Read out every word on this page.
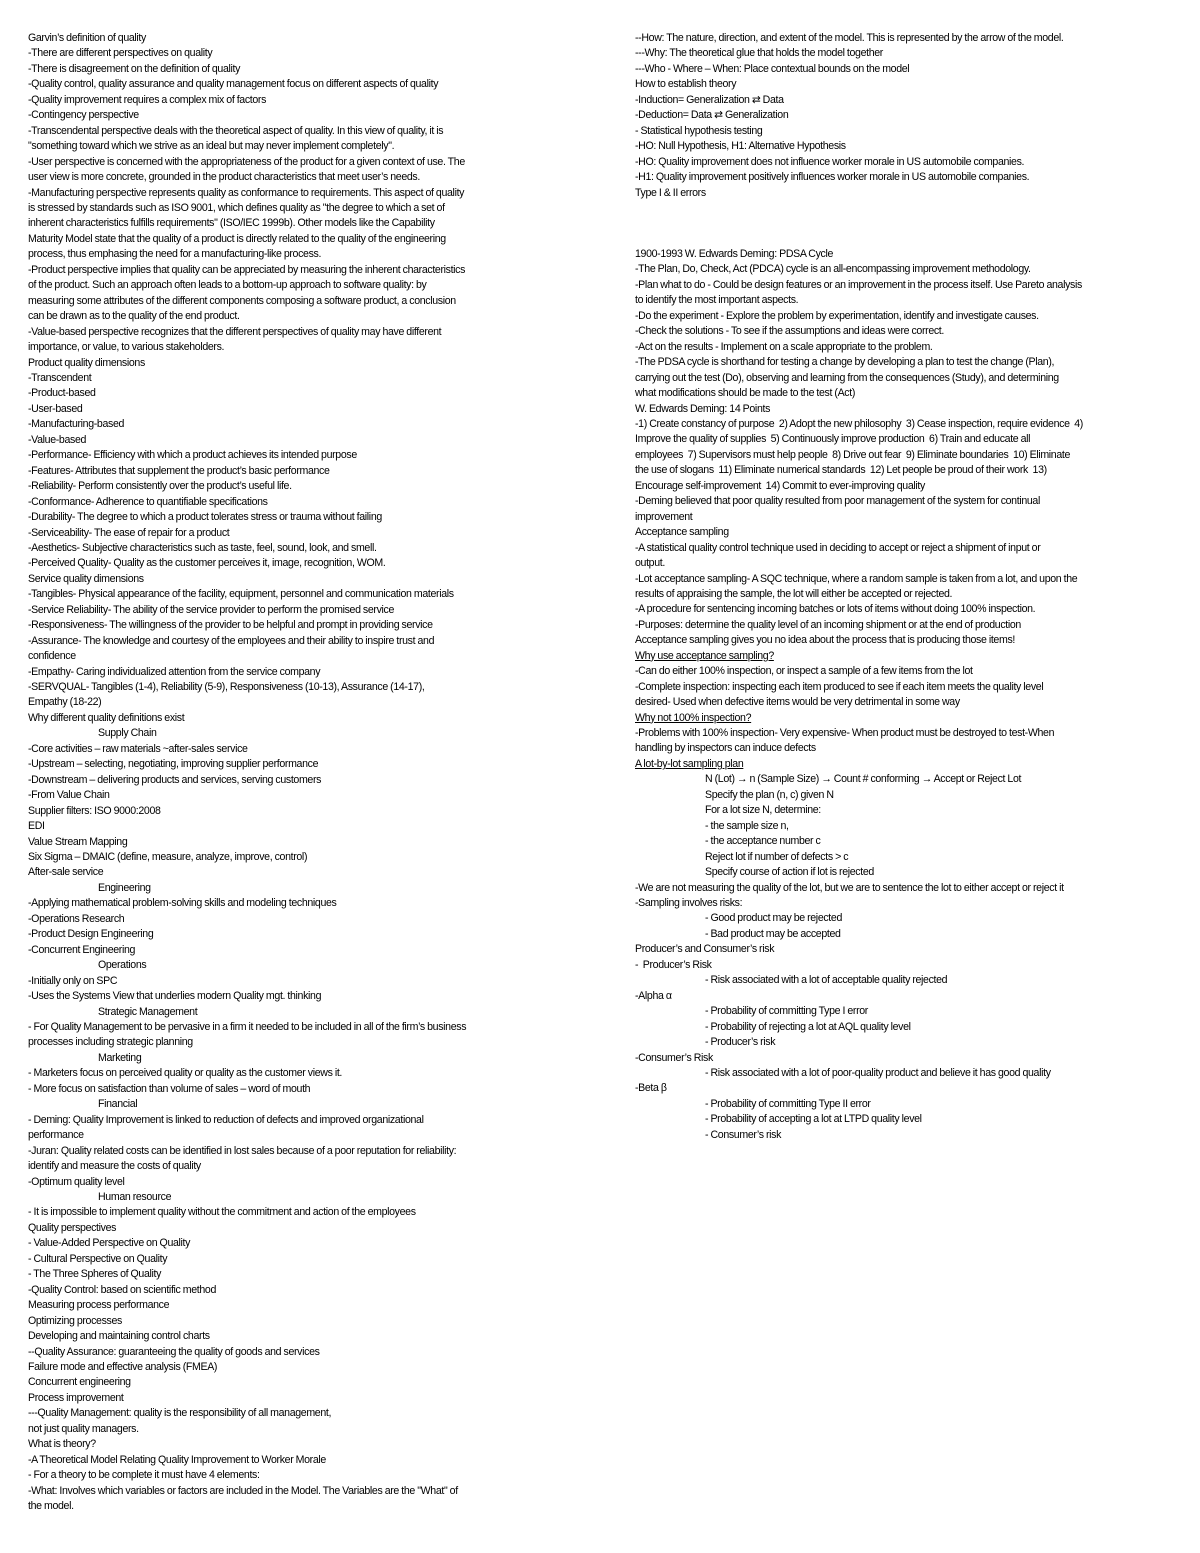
Garvin’s definition of quality
-There are different perspectives on quality
-There is disagreement on the definition of quality
-Quality control, quality assurance and quality management focus on different aspects of quality
-Quality improvement requires a complex mix of factors
-Contingency perspective
-Transcendental perspective deals with the theoretical aspect of quality. In this view of quality, it is
"something toward which we strive as an ideal but may never implement completely".
-User perspective is concerned with the appropriateness of the product for a given context of use. The
user view is more concrete, grounded in the product characteristics that meet user’s needs.
-Manufacturing perspective represents quality as conformance to requirements. This aspect of quality
is stressed by standards such as ISO 9001, which defines quality as "the degree to which a set of
inherent characteristics fulfills requirements" (ISO/IEC 1999b). Other models like the Capability
Maturity Model state that the quality of a product is directly related to the quality of the engineering
process, thus emphasing the need for a manufacturing-like process.
-Product perspective implies that quality can be appreciated by measuring the inherent characteristics
of the product. Such an approach often leads to a bottom-up approach to software quality: by
measuring some attributes of the different components composing a software product, a conclusion
can be drawn as to the quality of the end product.
-Value-based perspective recognizes that the different perspectives of quality may have different
importance, or value, to various stakeholders.
Product quality dimensions
-Transcendent
-Product-based
-User-based
-Manufacturing-based
-Value-based
-Performance- Efficiency with which a product achieves its intended purpose
-Features- Attributes that supplement the product’s basic performance
-Reliability- Perform consistently over the product’s useful life.
-Conformance- Adherence to quantifiable specifications
-Durability- The degree to which a product tolerates stress or trauma without failing
-Serviceability- The ease of repair for a product
-Aesthetics- Subjective characteristics such as taste, feel, sound, look, and smell.
-Perceived Quality- Quality as the customer perceives it, image, recognition, WOM.
Service quality dimensions
-Tangibles- Physical appearance of the facility, equipment, personnel and communication materials
-Service Reliability- The ability of the service provider to perform the promised service
-Responsiveness- The willingness of the provider to be helpful and prompt in providing service
-Assurance- The knowledge and courtesy of the employees and their ability to inspire trust and
confidence
-Empathy- Caring individualized attention from the service company
-SERVQUAL- Tangibles (1-4), Reliability (5-9), Responsiveness (10-13), Assurance (14-17),
Empathy (18-22)
Why different quality definitions exist
Supply Chain
-Core activities – raw materials ~after-sales service
-Upstream – selecting, negotiating, improving supplier performance
-Downstream – delivering products and services, serving customers
-From Value Chain
Supplier filters: ISO 9000:2008
EDI
Value Stream Mapping
Six Sigma – DMAIC (define, measure, analyze, improve, control)
After-sale service
Engineering
-Applying mathematical problem-solving skills and modeling techniques
-Operations Research
-Product Design Engineering
-Concurrent Engineering
Operations
-Initially only on SPC
-Uses the Systems View that underlies modern Quality mgt. thinking
Strategic Management
- For Quality Management to be pervasive in a firm it needed to be included in all of the firm’s business
processes including strategic planning
Marketing
- Marketers focus on perceived quality or quality as the customer views it.
- More focus on satisfaction than volume of sales – word of mouth
Financial
- Deming: Quality Improvement is linked to reduction of defects and improved organizational
performance
-Juran: Quality related costs can be identified in lost sales because of a poor reputation for reliability:
identify and measure the costs of quality
-Optimum quality level
Human resource
- It is impossible to implement quality without the commitment and action of the employees
Quality perspectives
- Value-Added Perspective on Quality
- Cultural Perspective on Quality
- The Three Spheres of Quality
-Quality Control: based on scientific method
Measuring process performance
Optimizing processes
Developing and maintaining control charts
--Quality Assurance: guaranteeing the quality of goods and services
Failure mode and effective analysis (FMEA)
Concurrent engineering
Process improvement
---Quality Management: quality is the responsibility of all management,
not just quality managers.
What is theory?
-A Theoretical Model Relating Quality Improvement to Worker Morale
- For a theory to be complete it must have 4 elements:
-What: Involves which variables or factors are included in the Model. The Variables are the "What" of
the model.
--How: The nature, direction, and extent of the model. This is represented by the arrow of the model.
---Why: The theoretical glue that holds the model together
---Who - Where – When: Place contextual bounds on the model
How to establish theory
-Induction= Generalization ⇄ Data
-Deduction= Data ⇄ Generalization
- Statistical hypothesis testing
-HO: Null Hypothesis, H1: Alternative Hypothesis
-HO: Quality improvement does not influence worker morale in US automobile companies.
-H1: Quality improvement positively influences worker morale in US automobile companies.
Type I & II errors
1900-1993 W. Edwards Deming: PDSA Cycle
-The Plan, Do, Check, Act (PDCA) cycle is an all-encompassing improvement methodology.
-Plan what to do - Could be design features or an improvement in the process itself. Use Pareto analysis
to identify the most important aspects.
-Do the experiment - Explore the problem by experimentation, identify and investigate causes.
-Check the solutions - To see if the assumptions and ideas were correct.
-Act on the results - Implement on a scale appropriate to the problem.
-The PDSA cycle is shorthand for testing a change by developing a plan to test the change (Plan),
carrying out the test (Do), observing and learning from the consequences (Study), and determining
what modifications should be made to the test (Act)
W. Edwards Deming: 14 Points
-1) Create constancy of purpose  2) Adopt the new philosophy  3) Cease inspection, require evidence  4)
Improve the quality of supplies  5) Continuously improve production  6) Train and educate all
employees  7) Supervisors must help people  8) Drive out fear  9) Eliminate boundaries  10) Eliminate
the use of slogans  11) Eliminate numerical standards  12) Let people be proud of their work  13)
Encourage self-improvement  14) Commit to ever-improving quality
-Deming believed that poor quality resulted from poor management of the system for continual
improvement
Acceptance sampling
-A statistical quality control technique used in deciding to accept or reject a shipment of input or
output.
-Lot acceptance sampling- A SQC technique, where a random sample is taken from a lot, and upon the
results of appraising the sample, the lot will either be accepted or rejected.
-A procedure for sentencing incoming batches or lots of items without doing 100% inspection.
-Purposes: determine the quality level of an incoming shipment or at the end of production
Acceptance sampling gives you no idea about the process that is producing those items!
Why use acceptance sampling?
-Can do either 100% inspection, or inspect a sample of a few items from the lot
-Complete inspection: inspecting each item produced to see if each item meets the quality level
desired- Used when defective items would be very detrimental in some way
Why not 100% inspection?
-Problems with 100% inspection- Very expensive- When product must be destroyed to test-When
handling by inspectors can induce defects
A lot-by-lot sampling plan
N (Lot) → n (Sample Size) → Count # conforming → Accept or Reject Lot
Specify the plan (n, c) given N
For a lot size N, determine:
- the sample size n,
- the acceptance number c
Reject lot if number of defects > c
Specify course of action if lot is rejected
-We are not measuring the quality of the lot, but we are to sentence the lot to either accept or reject it
-Sampling involves risks:
- Good product may be rejected
- Bad product may be accepted
Producer’s and Consumer’s risk
-  Producer’s Risk
- Risk associated with a lot of acceptable quality rejected
-Alpha α
- Probability of committing Type I error
- Probability of rejecting a lot at AQL quality level
- Producer’s risk
-Consumer’s Risk
- Risk associated with a lot of poor-quality product and believe it has good quality
-Beta β
- Probability of committing Type II error
- Probability of accepting a lot at LTPD quality level
- Consumer’s risk
